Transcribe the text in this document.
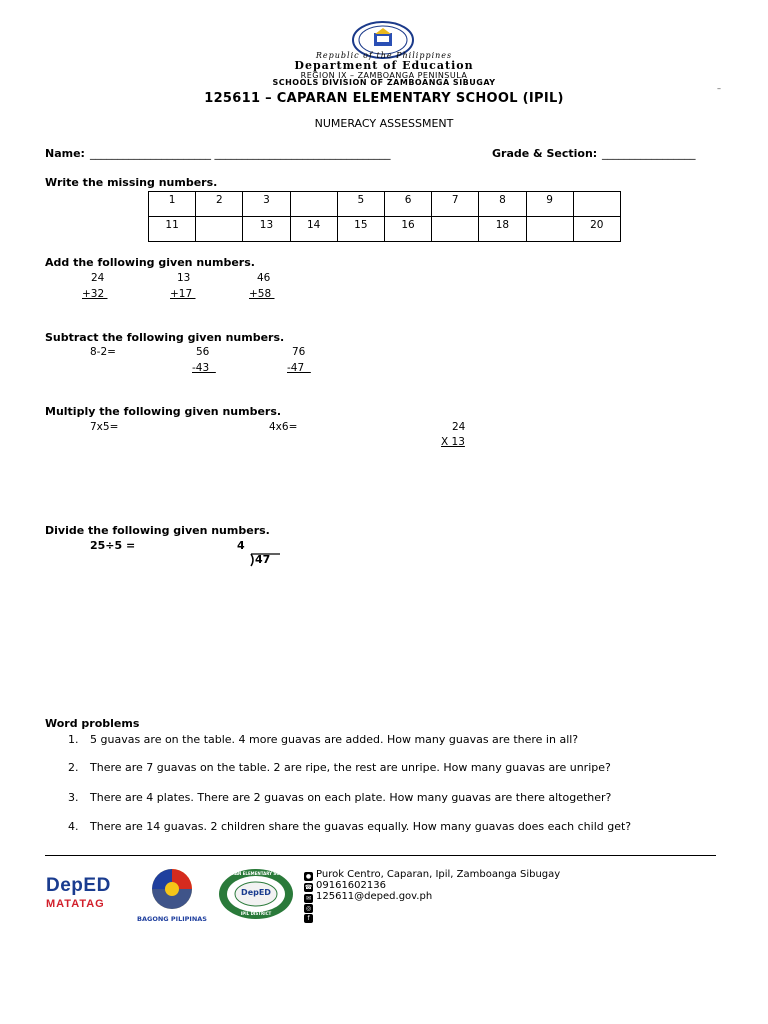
Republic of the Philippines
Department of Education
REGION IX – ZAMBOANGA PENINSULA
SCHOOLS DIVISION OF ZAMBOANGA SIBUGAY
125611 – CAPARAN ELEMENTARY SCHOOL (IPIL)
–
NUMERACY ASSESSMENT
Name: ______________________ ________________________________	Grade & Section: _________________
Write the missing numbers.
1	2	3		5	6	7	8	9	
11		13	14	15	16		18		20
Add the following given numbers.
24
+32
13
+17
46
+58
Subtract the following given numbers.
8-2=	56
-43
76
-47
Multiply the following given numbers.
7x5=	4x6=	24
X 13
Divide the following given numbers.
25÷5 =	4
47
Word problems
1. 5 guavas are on the table. 4 more guavas are added. How many guavas are there in all?
2. There are 7 guavas on the table. 2 are ripe, the rest are unripe. How many guavas are unripe?
3. There are 4 plates. There are 2 guavas on each plate. How many guavas are there altogether?
4. There are 14 guavas. 2 children share the guavas equally. How many guavas does each child get?
DepED
MATATAG
BAGONG PILIPINAS
DepED
CAPARAN ELEMENTARY SCHOOL
IPIL DISTRICT
● Purok Centro, Caparan, Ipil, Zamboanga Sibugay
☎ 09161602136
✉ 125611@deped.gov.ph
◎
f
